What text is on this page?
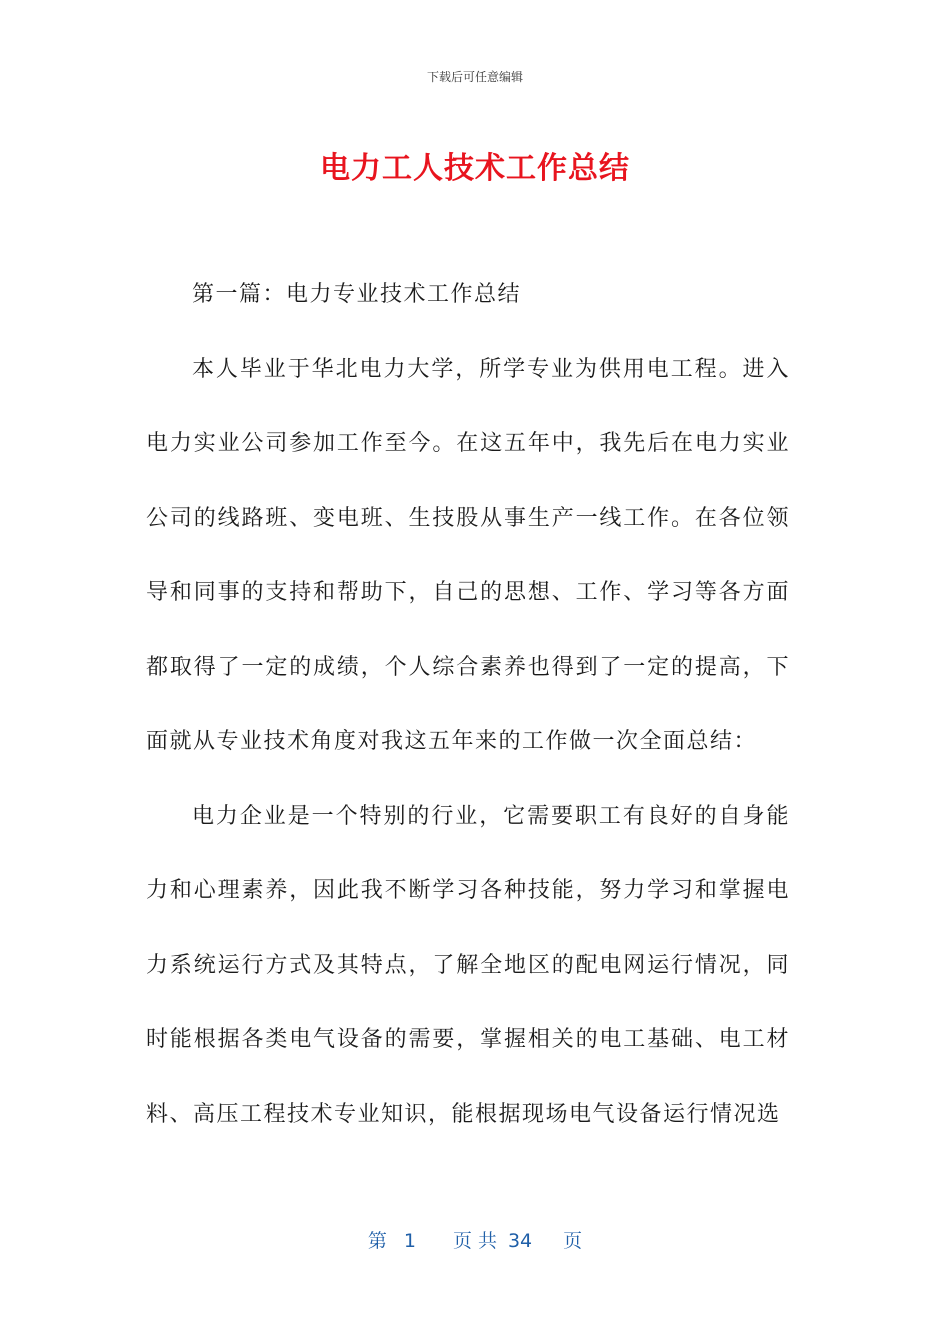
下载后可任意编辑
电力工人技术工作总结

第一篇：电力专业技术工作总结

本人毕业于华北电力大学，所学专业为供用电工程。进入电力实业公司参加工作至今。在这五年中，我先后在电力实业公司的线路班、变电班、生技股从事生产一线工作。在各位领导和同事的支持和帮助下，自己的思想、工作、学习等各方面都取得了一定的成绩，个人综合素养也得到了一定的提高，下面就从专业技术角度对我这五年来的工作做一次全面总结：

电力企业是一个特别的行业，它需要职工有良好的自身能力和心理素养，因此我不断学习各种技能，努力学习和掌握电力系统运行方式及其特点，了解全地区的配电网运行情况，同时能根据各类电气设备的需要，掌握相关的电工基础、电工材料、高压工程技术专业知识，能根据现场电气设备运行情况选

第 1 页 共 34 页
